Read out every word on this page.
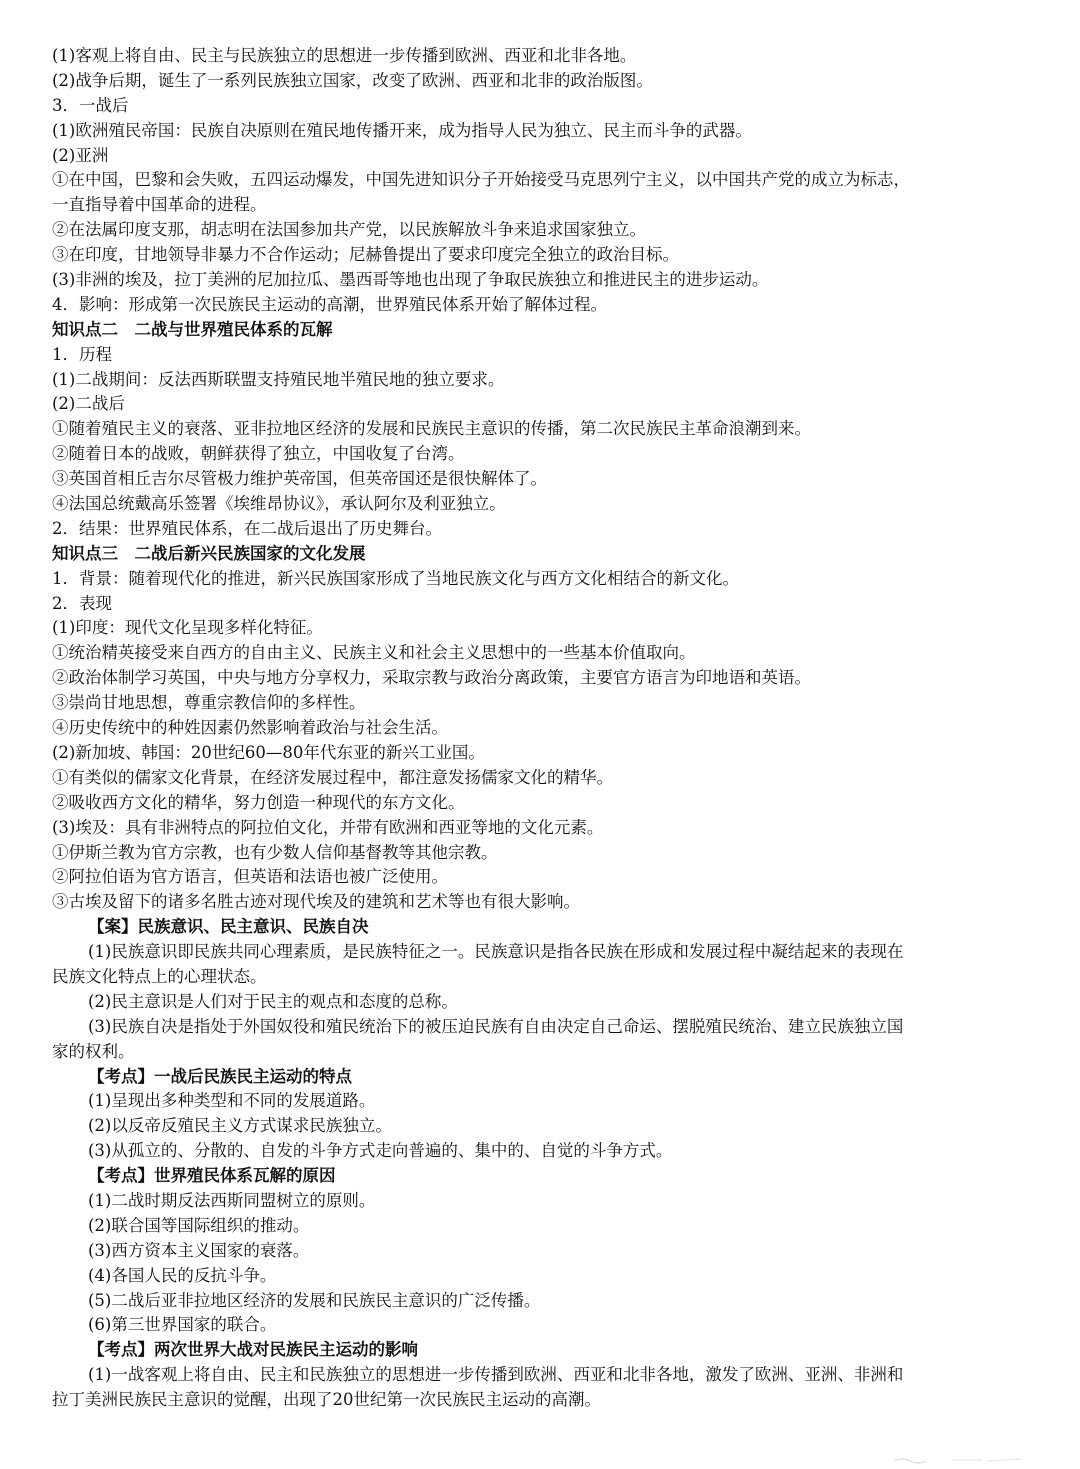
(1)客观上将自由、民主与民族独立的思想进一步传播到欧洲、西亚和北非各地。
(2)战争后期，诞生了一系列民族独立国家，改变了欧洲、西亚和北非的政治版图。
3．一战后
(1)欧洲殖民帝国：民族自决原则在殖民地传播开来，成为指导人民为独立、民主而斗争的武器。
(2)亚洲
①在中国，巴黎和会失败，五四运动爆发，中国先进知识分子开始接受马克思列宁主义，以中国共产党的成立为标志，
一直指导着中国革命的进程。
②在法属印度支那，胡志明在法国参加共产党，以民族解放斗争来追求国家独立。
③在印度，甘地领导非暴力不合作运动；尼赫鲁提出了要求印度完全独立的政治目标。
(3)非洲的埃及，拉丁美洲的尼加拉瓜、墨西哥等地也出现了争取民族独立和推进民主的进步运动。
4．影响：形成第一次民族民主运动的高潮，世界殖民体系开始了解体过程。
知识点二　二战与世界殖民体系的瓦解
1．历程
(1)二战期间：反法西斯联盟支持殖民地半殖民地的独立要求。
(2)二战后
①随着殖民主义的衰落、亚非拉地区经济的发展和民族民主意识的传播，第二次民族民主革命浪潮到来。
②随着日本的战败，朝鲜获得了独立，中国收复了台湾。
③英国首相丘吉尔尽管极力维护英帝国，但英帝国还是很快解体了。
④法国总统戴高乐签署《埃维昂协议》，承认阿尔及利亚独立。
2．结果：世界殖民体系，在二战后退出了历史舞台。
知识点三　二战后新兴民族国家的文化发展
1．背景：随着现代化的推进，新兴民族国家形成了当地民族文化与西方文化相结合的新文化。
2．表现
(1)印度：现代文化呈现多样化特征。
①统治精英接受来自西方的自由主义、民族主义和社会主义思想中的一些基本价值取向。
②政治体制学习英国，中央与地方分享权力，采取宗教与政治分离政策，主要官方语言为印地语和英语。
③崇尚甘地思想，尊重宗教信仰的多样性。
④历史传统中的种姓因素仍然影响着政治与社会生活。
(2)新加坡、韩国：20世纪60—80年代东亚的新兴工业国。
①有类似的儒家文化背景，在经济发展过程中，都注意发扬儒家文化的精华。
②吸收西方文化的精华，努力创造一种现代的东方文化。
(3)埃及：具有非洲特点的阿拉伯文化，并带有欧洲和西亚等地的文化元素。
①伊斯兰教为官方宗教，也有少数人信仰基督教等其他宗教。
②阿拉伯语为官方语言，但英语和法语也被广泛使用。
③古埃及留下的诸多名胜古迹对现代埃及的建筑和艺术等也有很大影响。
【案】民族意识、民主意识、民族自决
(1)民族意识即民族共同心理素质，是民族特征之一。民族意识是指各民族在形成和发展过程中凝结起来的表现在
民族文化特点上的心理状态。
(2)民主意识是人们对于民主的观点和态度的总称。
(3)民族自决是指处于外国奴役和殖民统治下的被压迫民族有自由决定自己命运、摆脱殖民统治、建立民族独立国
家的权利。
【考点】一战后民族民主运动的特点
(1)呈现出多种类型和不同的发展道路。
(2)以反帝反殖民主义方式谋求民族独立。
(3)从孤立的、分散的、自发的斗争方式走向普遍的、集中的、自觉的斗争方式。
【考点】世界殖民体系瓦解的原因
(1)二战时期反法西斯同盟树立的原则。
(2)联合国等国际组织的推动。
(3)西方资本主义国家的衰落。
(4)各国人民的反抗斗争。
(5)二战后亚非拉地区经济的发展和民族民主意识的广泛传播。
(6)第三世界国家的联合。
【考点】两次世界大战对民族民主运动的影响
(1)一战客观上将自由、民主和民族独立的思想进一步传播到欧洲、西亚和北非各地，激发了欧洲、亚洲、非洲和
拉丁美洲民族民主意识的觉醒，出现了20世纪第一次民族民主运动的高潮。
